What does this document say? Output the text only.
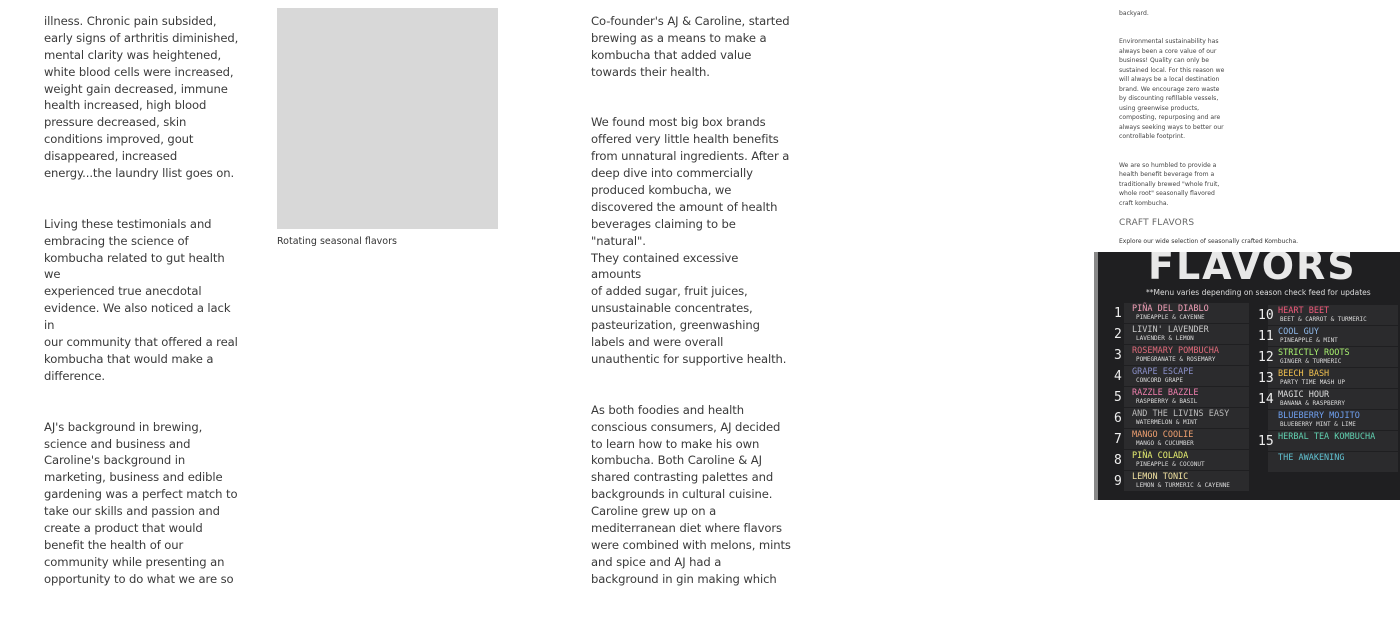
illness. Chronic pain subsided,
early signs of arthritis diminished,
mental clarity was heightened,
white blood cells were increased,
weight gain decreased, immune
health increased, high blood
pressure decreased, skin
conditions improved, gout
disappeared, increased
energy...the laundry llist goes on.

Living these testimonials and
embracing the science of
kombucha related to gut health we
experienced true anecdotal
evidence. We also noticed a lack in
our community that offered a real
kombucha that would make a
difference.

AJ's background in brewing,
science and business and
Caroline's background in
marketing, business and edible
gardening was a perfect match to
take our skills and passion and
create a product that would
benefit the health of our
community while presenting an
opportunity to do what we are so

Rotating seasonal flavors

Co-founder's AJ & Caroline, started
brewing as a means to make a
kombucha that added value
towards their health.

We found most big box brands
offered very little health benefits
from unnatural ingredients. After a
deep dive into commercially
produced kombucha, we
discovered the amount of health
beverages claiming to be "natural".
They contained excessive amounts
of added sugar, fruit juices,
unsustainable concentrates,
pasteurization, greenwashing
labels and were overall
unauthentic for supportive health.

As both foodies and health
conscious consumers, AJ decided
to learn how to make his own
kombucha. Both Caroline & AJ
shared contrasting palettes and
backgrounds in cultural cuisine.
Caroline grew up on a
mediterranean diet where flavors
were combined with melons, mints
and spice and AJ had a
background in gin making which

backyard.

Environmental sustainability has
always been a core value of our
business! Quality can only be
sustained local. For this reason we
will always be a local destination
brand. We encourage zero waste
by discounting refillable vessels,
using greenwise products,
composting, repurposing and are
always seeking ways to better our
controllable footprint.

We are so humbled to provide a
health benefit beverage from a
traditionally brewed "whole fruit,
whole root" seasonally flavored
craft kombucha.

CRAFT FLAVORS
Explore our wide selection of seasonally crafted Kombucha.
FLAVORS
**Menu varies depending on season check feed for updates
1 PIÑA DEL DIABLO
PINEAPPLE & CAYENNE
2 LIVIN' LAVENDER
LAVENDER & LEMON
3 ROSEMARY POMBUCHA
POMEGRANATE & ROSEMARY
4 GRAPE ESCAPE
CONCORD GRAPE
5 RAZZLE BAZZLE
RASPBERRY & BASIL
6 AND THE LIVINS EASY
WATERMELON & MINT
7 MANGO COOLIE
MANGO & CUCUMBER
8 PIÑA COLADA
PINEAPPLE & COCONUT
9 LEMON TONIC
LEMON & TURMERIC & CAYENNE
10 HEART BEET
BEET & CARROT & TURMERIC
11 COOL GUY
PINEAPPLE & MINT
12 STRICTLY ROOTS
GINGER & TURMERIC
13 BEECH BASH
PARTY TIME MASH UP
14 MAGIC HOUR
BANANA & RASPBERRY
BLUEBERRY MOJITO
BLUEBERRY MINT & LIME
15 HERBAL TEA KOMBUCHA
THE AWAKENING
